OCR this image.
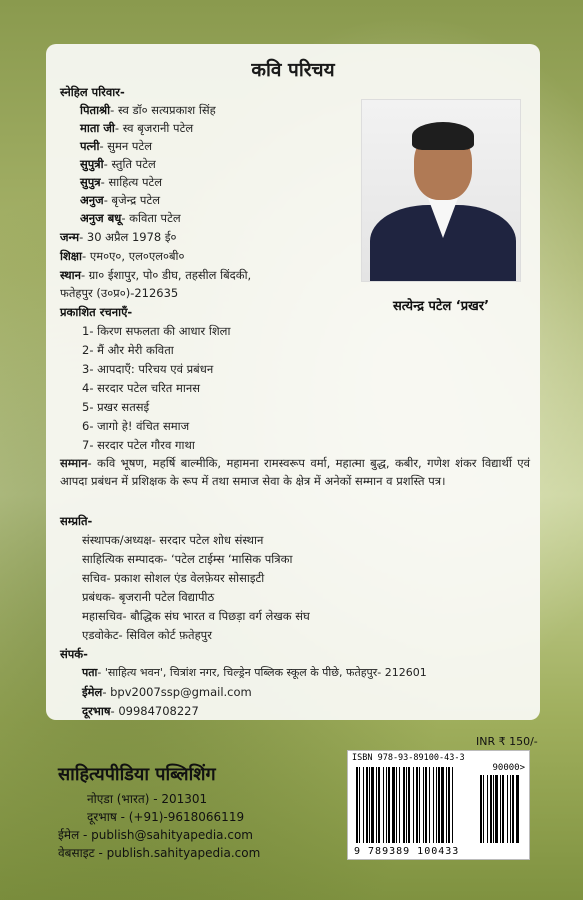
कवि परिचय
सत्येन्द्र पटेल ‘प्रखर’
स्नेहिल परिवार-
पिताश्री- स्व डॉ० सत्यप्रकाश सिंह
माता जी- स्व बृजरानी पटेल
पत्नी- सुमन पटेल
सुपुत्री- स्तुति पटेल
सुपुत्र- साहित्य पटेल
अनुज- बृजेन्द्र पटेल
अनुज बधू- कविता पटेल
जन्म- 30 अप्रैल 1978 ई०
शिक्षा- एम०ए०, एल०एल०बी०
स्थान- ग्रा० ईशापुर, पो० डीघ, तहसील बिंदकी,
फतेहपुर (उ०प्र०)-212635
प्रकाशित रचनाएँ-
1- किरण सफलता की आधार शिला
2- मैं और मेरी कविता
3- आपदाएँ: परिचय एवं प्रबंधन
4- सरदार पटेल चरित मानस
5- प्रखर सतसई
6- जागो हे! वंचित समाज
7- सरदार पटेल गौरव गाथा
सम्मान- कवि भूषण, महर्षि बाल्मीकि, महामना रामस्वरूप वर्मा, महात्मा बुद्ध, कबीर, गणेश शंकर विद्यार्थी एवं आपदा प्रबंधन में प्रशिक्षक के रूप में तथा समाज सेवा के क्षेत्र में अनेकों सम्मान व प्रशस्ति पत्र।
सम्प्रति-
संस्थापक/अध्यक्ष- सरदार पटेल शोध संस्थान
साहित्यिक सम्पादक- ‘पटेल टाईम्स ‘मासिक पत्रिका
सचिव- प्रकाश सोशल एंड वेलफ़ेयर सोसाइटी
प्रबंधक- बृजरानी पटेल विद्यापीठ
महासचिव- बौद्धिक संघ भारत व पिछड़ा वर्ग लेखक संघ
एडवोकेट- सिविल कोर्ट फ़तेहपुर
संपर्क-
पता- 'साहित्य भवन', चित्रांश नगर, चिल्ड्रेन पब्लिक स्कूल के पीछे, फतेहपुर- 212601
ईमेल- bpv2007ssp@gmail.com
दूरभाष- 09984708227
INR ₹ 150/-
ISBN 978-93-89100-43-3
90000>
9 789389 100433
साहित्यपीडिया पब्लिशिंग
नोएडा (भारत) - 201301
दूरभाष - (+91)-9618066119
ईमेल - publish@sahityapedia.com
वेबसाइट - publish.sahityapedia.com
